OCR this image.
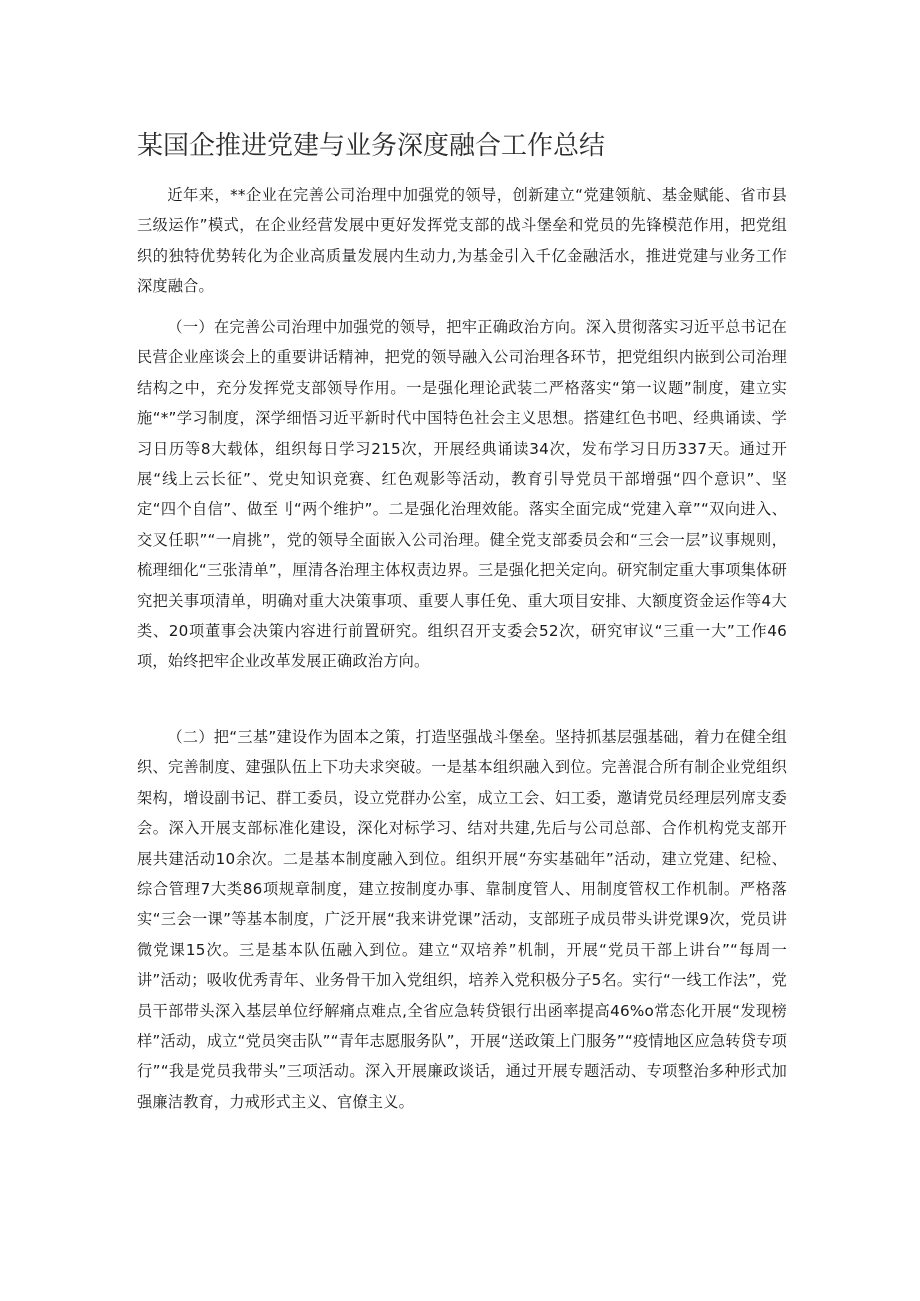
某国企推进党建与业务深度融合工作总结

近年来，**企业在完善公司治理中加强党的领导，创新建立“党建领航、基金赋能、省市县三级运作”模式，在企业经营发展中更好发挥党支部的战斗堡垒和党员的先锋模范作用，把党组织的独特优势转化为企业高质量发展内生动力,为基金引入千亿金融活水，推进党建与业务工作深度融合。

（一）在完善公司治理中加强党的领导，把牢正确政治方向。深入贯彻落实习近平总书记在民营企业座谈会上的重要讲话精神，把党的领导融入公司治理各环节，把党组织内嵌到公司治理结构之中，充分发挥党支部领导作用。一是强化理论武装二严格落实“第一议题”制度，建立实施“*”学习制度，深学细悟习近平新时代中国特色社会主义思想。搭建红色书吧、经典诵读、学习日历等8大载体，组织每日学习215次，开展经典诵读34次，发布学习日历337天。通过开展“线上云长征”、党史知识竞赛、红色观影等活动，教育引导党员干部增强“四个意识”、坚定“四个自信”、做至刂“两个维护”。二是强化治理效能。落实全面完成“党建入章”“双向进入、交叉任职”“一肩挑”，党的领导全面嵌入公司治理。健全党支部委员会和“三会一层”议事规则，梳理细化“三张清单”，厘清各治理主体权责边界。三是强化把关定向。研究制定重大事项集体研究把关事项清单，明确对重大决策事项、重要人事任免、重大项目安排、大额度资金运作等4大类、20项董事会决策内容进行前置研究。组织召开支委会52次，研究审议“三重一大”工作46项，始终把牢企业改革发展正确政治方向。

（二）把“三基”建设作为固本之策，打造坚强战斗堡垒。坚持抓基层强基础，着力在健全组织、完善制度、建强队伍上下功夫求突破。一是基本组织融入到位。完善混合所有制企业党组织架构，增设副书记、群工委员，设立党群办公室，成立工会、妇工委，邀请党员经理层列席支委会。深入开展支部标准化建设，深化对标学习、结对共建,先后与公司总部、合作机构党支部开展共建活动10余次。二是基本制度融入到位。组织开展“夯实基础年”活动，建立党建、纪检、综合管理7大类86项规章制度，建立按制度办事、靠制度管人、用制度管权工作机制。严格落实“三会一课”等基本制度，广泛开展“我来讲党课”活动，支部班子成员带头讲党课9次，党员讲微党课15次。三是基本队伍融入到位。建立“双培养”机制，开展“党员干部上讲台”“每周一讲”活动；吸收优秀青年、业务骨干加入党组织，培养入党积极分子5名。实行“一线工作法”，党员干部带头深入基层单位纾解痛点难点,全省应急转贷银行出函率提高46%o常态化开展“发现榜样”活动，成立“党员突击队”“青年志愿服务队”，开展“送政策上门服务”“疫情地区应急转贷专项行”“我是党员我带头”三项活动。深入开展廉政谈话，通过开展专题活动、专项整治多种形式加强廉洁教育，力戒形式主义、官僚主义。
